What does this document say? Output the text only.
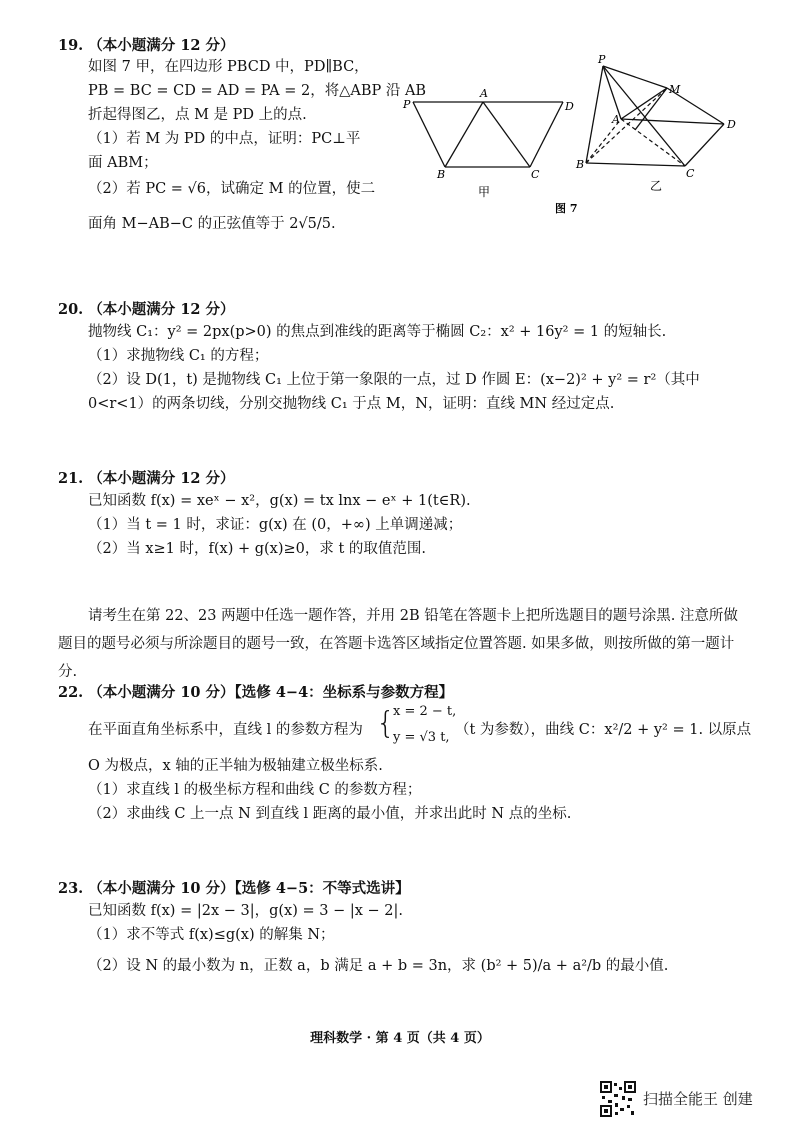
19. （本小题满分 12 分）
如图 7 甲，在四边形 PBCD 中，PD∥BC，
PB = BC = CD = AD = PA = 2，将△ABP 沿 AB
折起得图乙，点 M 是 PD 上的点.
（1）若 M 为 PD 的中点，证明：PC⊥平
面 ABM；
（2）若 PC = √6，试确定 M 的位置，使二
面角 M−AB−C 的正弦值等于 2√5/5.
P
A
D
B	C
甲
P
M
A	D
B
C
乙
图 7
20. （本小题满分 12 分）
抛物线 C₁：y² = 2px(p>0) 的焦点到准线的距离等于椭圆 C₂：x² + 16y² = 1 的短轴长.
（1）求抛物线 C₁ 的方程；
（2）设 D(1，t) 是抛物线 C₁ 上位于第一象限的一点，过 D 作圆 E：(x−2)² + y² = r²（其中
0<r<1）的两条切线，分别交抛物线 C₁ 于点 M，N，证明：直线 MN 经过定点.
21. （本小题满分 12 分）
已知函数 f(x) = xeˣ − x²，g(x) = tx lnx − eˣ + 1(t∈R).
（1）当 t = 1 时，求证：g(x) 在 (0，+∞) 上单调递减；
（2）当 x≥1 时，f(x) + g(x)≥0，求 t 的取值范围.
请考生在第 22、23 两题中任选一题作答，并用 2B 铅笔在答题卡上把所选题目的题号涂黑. 注意所做题目的题号必须与所涂题目的题号一致，在答题卡选答区域指定位置答题. 如果多做，则按所做的第一题计分.
22. （本小题满分 10 分）【选修 4−4：坐标系与参数方程】
在平面直角坐标系中，直线 l 的参数方程为 {
x = 2 − t,
y = √3 t, （t 为参数），曲线 C：x²/2 + y² = 1. 以原点
O 为极点，x 轴的正半轴为极轴建立极坐标系.
（1）求直线 l 的极坐标方程和曲线 C 的参数方程；
（2）求曲线 C 上一点 N 到直线 l 距离的最小值，并求出此时 N 点的坐标.
23. （本小题满分 10 分）【选修 4−5：不等式选讲】
已知函数 f(x) = |2x − 3|，g(x) = 3 − |x − 2|.
（1）求不等式 f(x)≤g(x) 的解集 N；
（2）设 N 的最小数为 n，正数 a，b 满足 a + b = 3n，求 (b² + 5)/a + a²/b 的最小值.
理科数学 · 第 4 页（共 4 页）
扫描全能王 创建
